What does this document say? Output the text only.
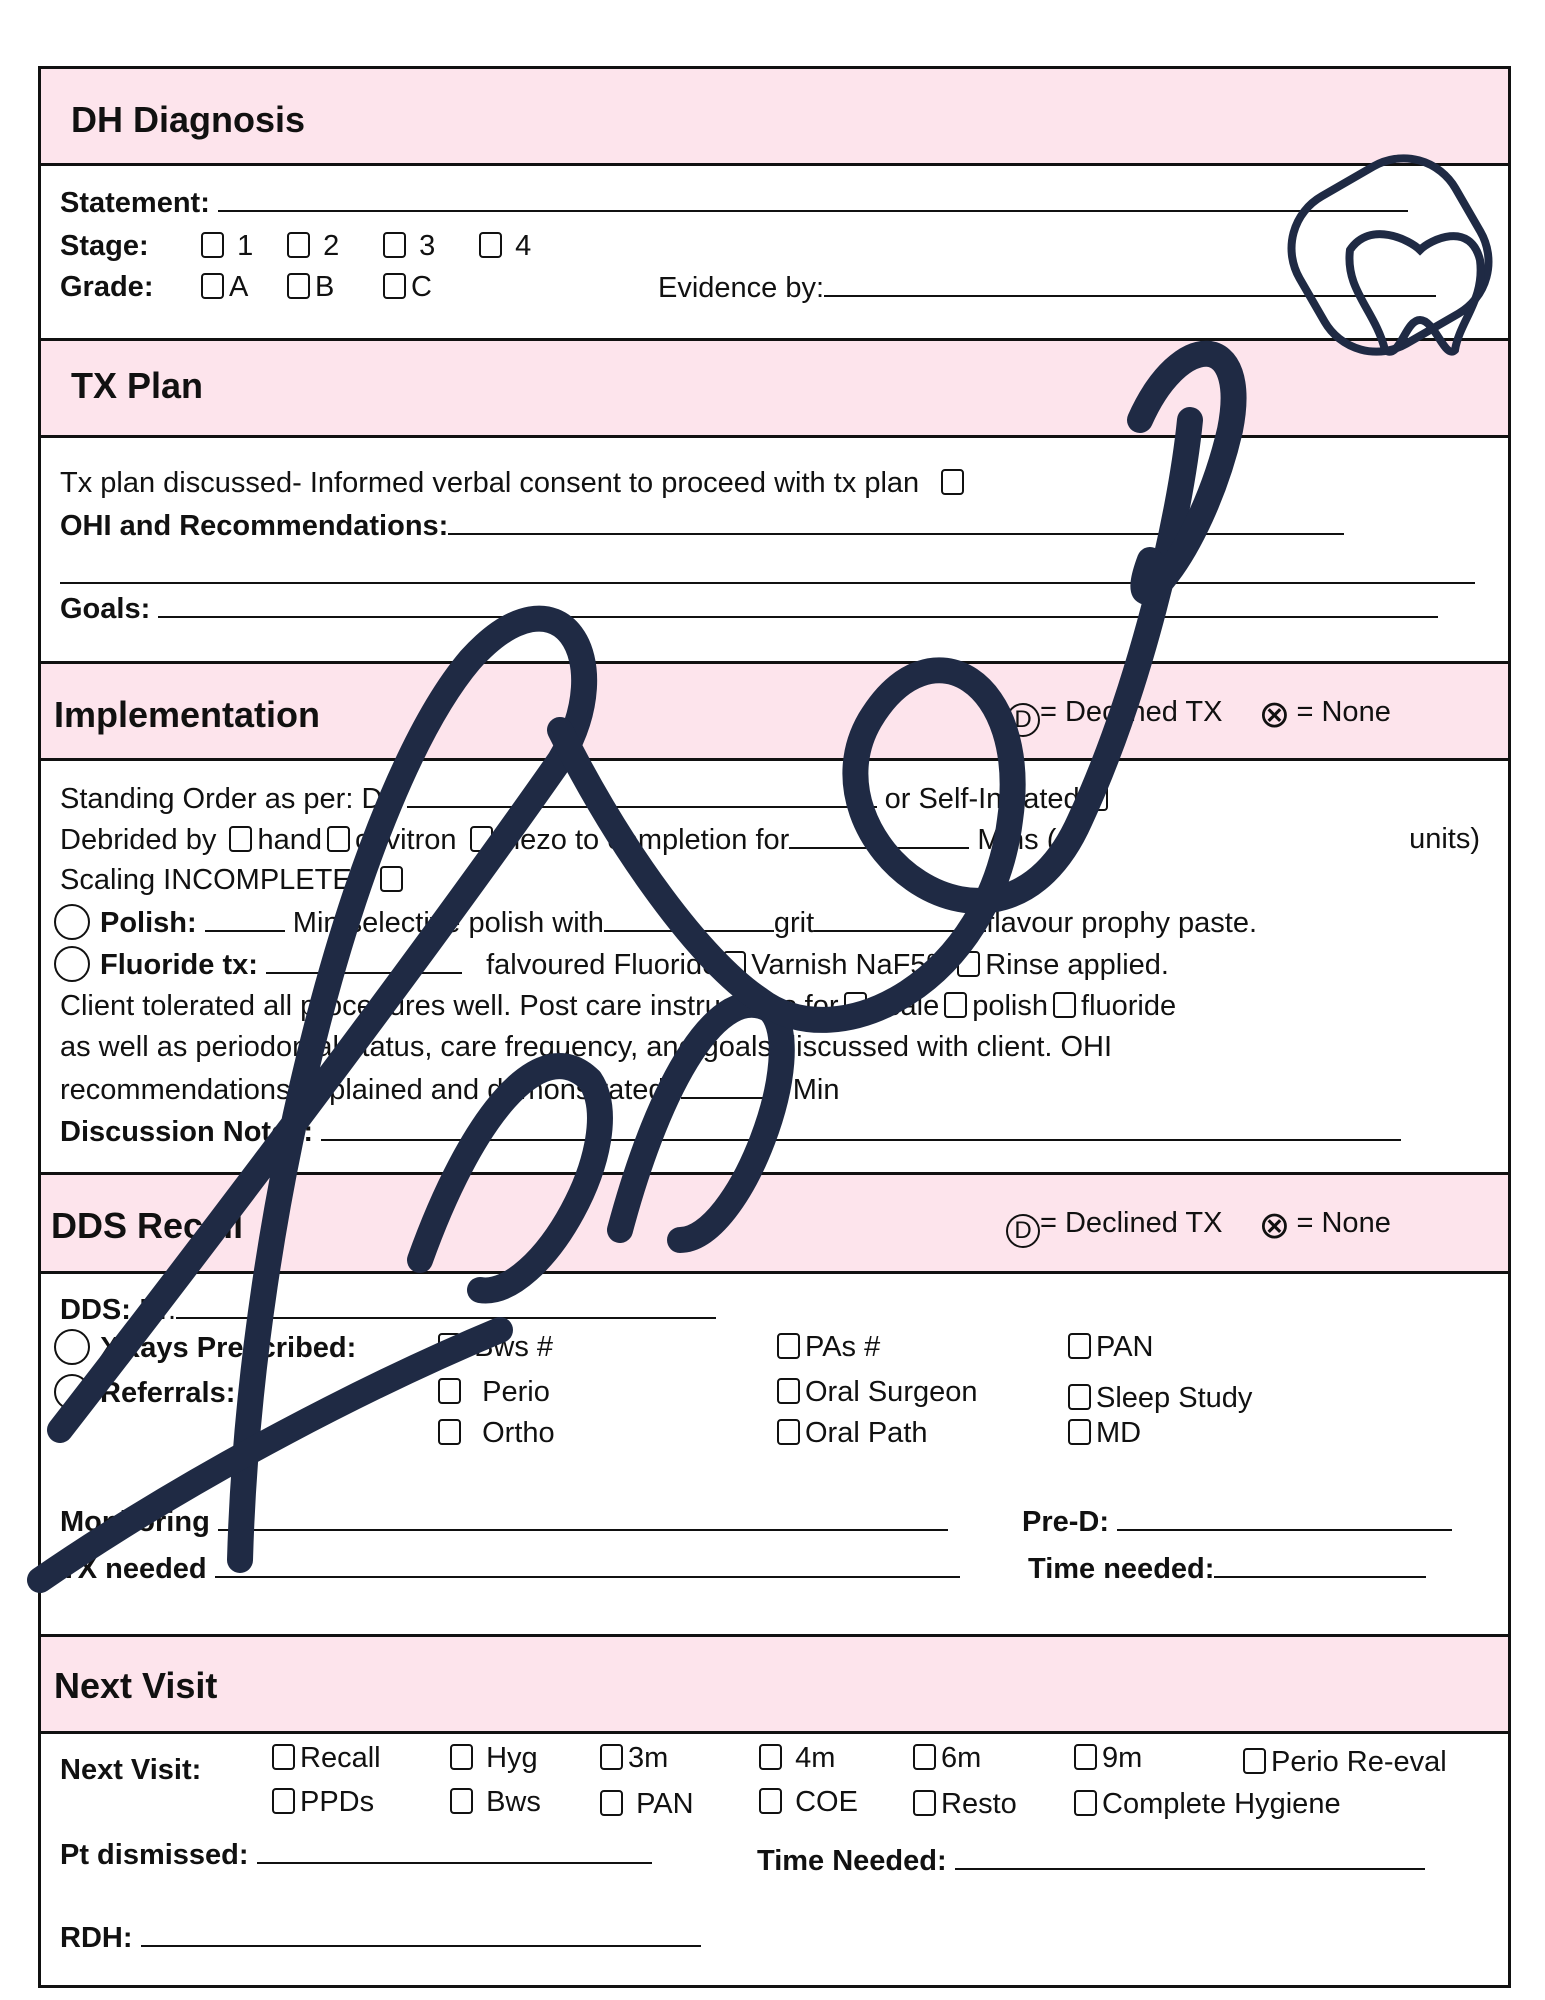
DH Diagnosis
Statement:
Stage:	1	2	3	4
Grade:	A	B	C	Evidence by:
TX Plan
Tx plan discussed- Informed verbal consent to proceed with tx plan
OHI and Recommendations:
Goals:
Implementation	D = Declined TX ⊗ = None
Standing Order as per: Dr.	or Self-Initiated
Debrided by hand cavitron piezo to completion for	Mins (	units)
Scaling INCOMPLETE
Polish:	Min selective polish with	grit	flavour prophy paste.
Fluoride tx:	falvoured Fluoride Varnish NaF5% Rinse applied.
Client tolerated all procedures well. Post care instructions for scale polish fluoride
as well as periodontal status, care frequency, and goals discussed with client. OHI
recommendations explained and demonstrated.	Min
Discussion Notes:
DDS Recall	D = Declined TX ⊗ = None
DDS: Dr.
XRays Prescribed:
Referrals:
Bws #	PAs #	PAN
Perio	Oral Surgeon	Sleep Study
Ortho	Oral Path	MD
Monitoring	Pre-D:
TX needed	Time needed:
Next Visit
Next Visit:	Recall	Hyg	3m	4m	6m	9m	Perio Re-eval
PPDs	Bws	PAN	COE	Resto	Complete Hygiene
Pt dismissed:	Time Needed:
RDH:
